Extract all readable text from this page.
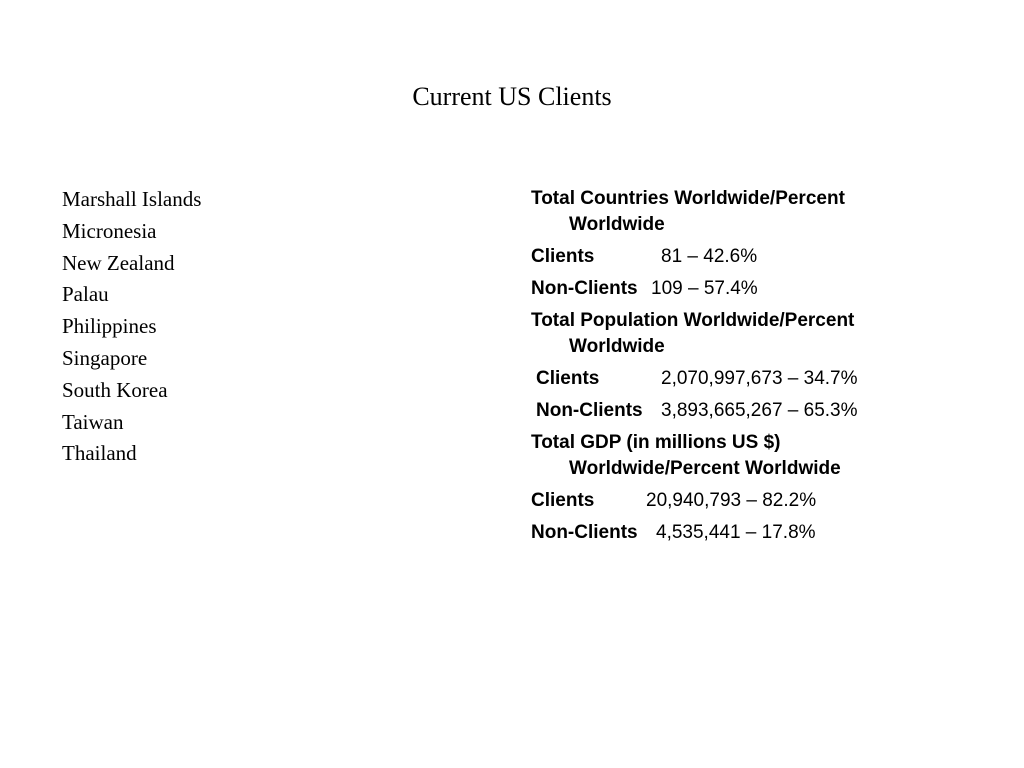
Current US Clients
Marshall Islands
Micronesia
New Zealand
Palau
Philippines
Singapore
South Korea
Taiwan
Thailand
Total Countries Worldwide/Percent
Worldwide
Clients	81 – 42.6%
Non-Clients 109 – 57.4%
Total Population Worldwide/Percent
Worldwide
Clients	2,070,997,673 – 34.7%
Non-Clients 3,893,665,267 – 65.3%
Total GDP (in millions US $)
Worldwide/Percent Worldwide
Clients	20,940,793 – 82.2%
Non-Clients 4,535,441 – 17.8%
